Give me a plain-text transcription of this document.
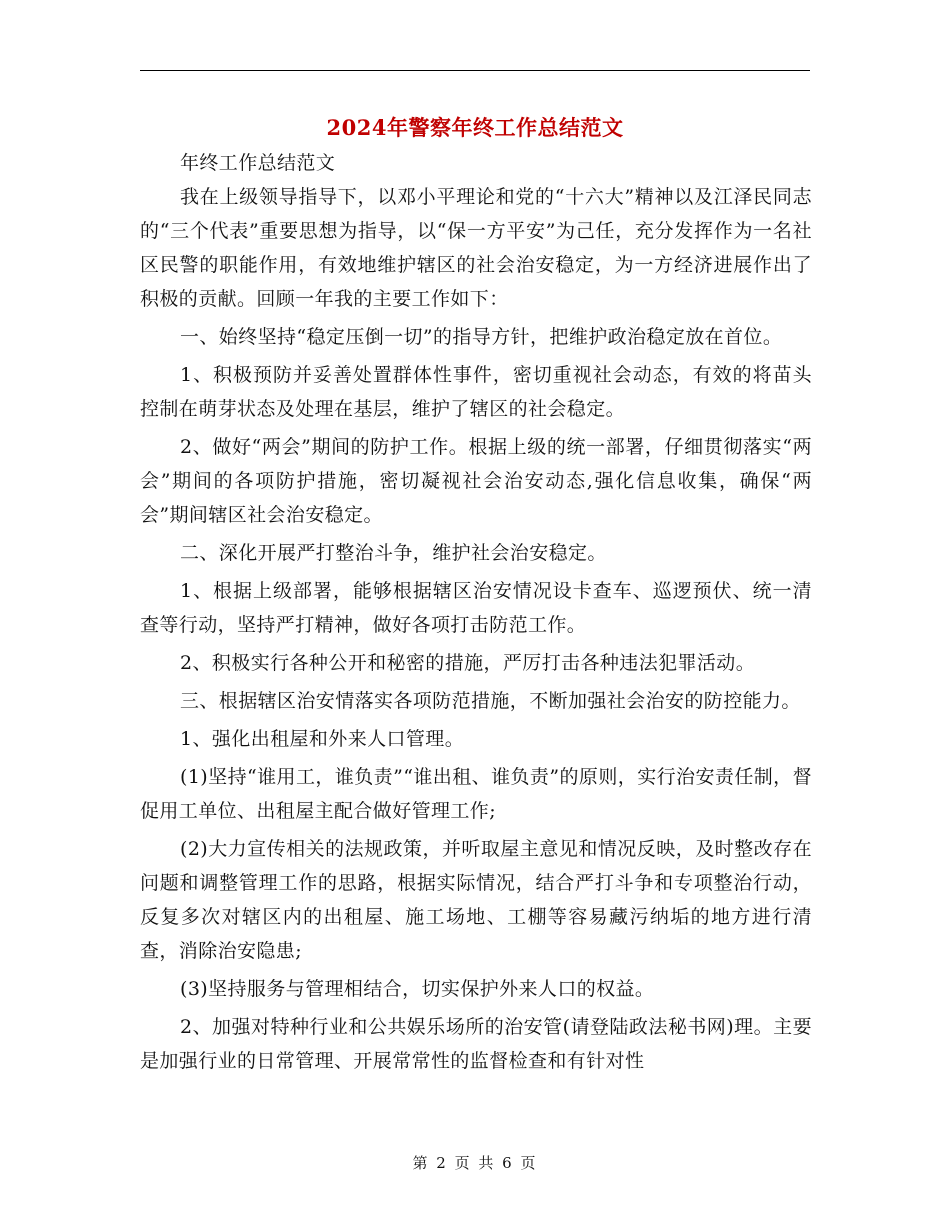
2024年警察年终工作总结范文

年终工作总结范文

我在上级领导指导下，以邓小平理论和党的“十六大”精神以及江泽民同志的“三个代表”重要思想为指导，以“保一方平安”为己任，充分发挥作为一名社区民警的职能作用，有效地维护辖区的社会治安稳定，为一方经济进展作出了积极的贡献。回顾一年我的主要工作如下：

一、始终坚持“稳定压倒一切”的指导方针，把维护政治稳定放在首位。

1、积极预防并妥善处置群体性事件，密切重视社会动态，有效的将苗头控制在萌芽状态及处理在基层，维护了辖区的社会稳定。

2、做好“两会”期间的防护工作。根据上级的统一部署，仔细贯彻落实“两会”期间的各项防护措施，密切凝视社会治安动态,强化信息收集，确保“两会”期间辖区社会治安稳定。

二、深化开展严打整治斗争，维护社会治安稳定。

1、根据上级部署，能够根据辖区治安情况设卡查车、巡逻预伏、统一清查等行动，坚持严打精神，做好各项打击防范工作。

2、积极实行各种公开和秘密的措施，严厉打击各种违法犯罪活动。

三、根据辖区治安情落实各项防范措施，不断加强社会治安的防控能力。

1、强化出租屋和外来人口管理。

(1)坚持“谁用工，谁负责”“谁出租、谁负责”的原则，实行治安责任制，督促用工单位、出租屋主配合做好管理工作;

(2)大力宣传相关的法规政策，并听取屋主意见和情况反映，及时整改存在问题和调整管理工作的思路，根据实际情况，结合严打斗争和专项整治行动，反复多次对辖区内的出租屋、施工场地、工棚等容易藏污纳垢的地方进行清查，消除治安隐患;

(3)坚持服务与管理相结合，切实保护外来人口的权益。

2、加强对特种行业和公共娱乐场所的治安管(请登陆政法秘书网)理。主要是加强行业的日常管理、开展常常性的监督检查和有针对性

第 2 页 共 6 页
